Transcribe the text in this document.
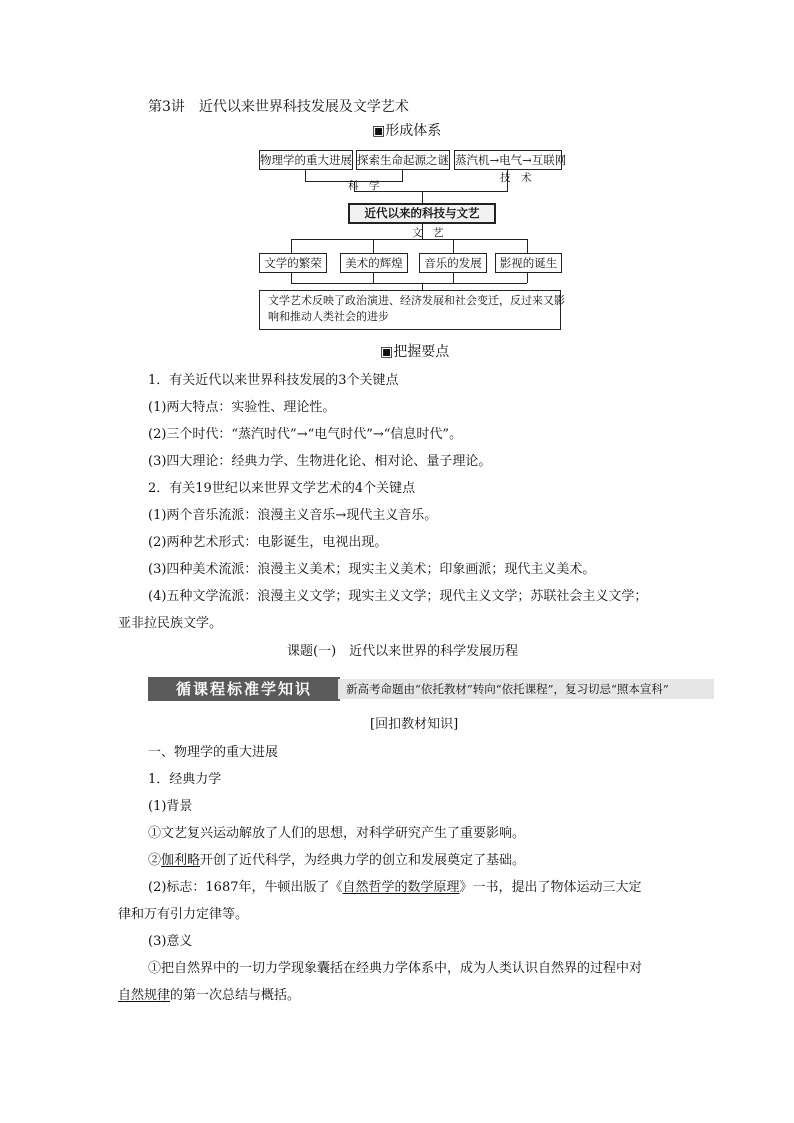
第3讲　近代以来世界科技发展及文学艺术
▣形成体系
物理学的重大进展 探索生命起源之谜 蒸汽机→电气→互联网
科　学
技　术
近代以来的科技与文艺
文　艺
文学的繁荣	美术的辉煌	音乐的发展	影视的诞生
文学艺术反映了政治演进、经济发展和社会变迁，反过来又影
响和推动人类社会的进步
▣把握要点
1．有关近代以来世界科技发展的3个关键点
(1)两大特点：实验性、理论性。
(2)三个时代：“蒸汽时代”→“电气时代”→“信息时代”。
(3)四大理论：经典力学、生物进化论、相对论、量子理论。
2．有关19世纪以来世界文学艺术的4个关键点
(1)两个音乐流派：浪漫主义音乐→现代主义音乐。
(2)两种艺术形式：电影诞生，电视出现。
(3)四种美术流派：浪漫主义美术；现实主义美术；印象画派；现代主义美术。
(4)五种文学流派：浪漫主义文学；现实主义文学；现代主义文学；苏联社会主义文学；
亚非拉民族文学。
课题(一)　近代以来世界的科学发展历程
循课程标准学知识	新高考命题由“依托教材”转向“依托课程”，复习切忌“照本宣科”
[回扣教材知识]
一、物理学的重大进展
1．经典力学
(1)背景
①文艺复兴运动解放了人们的思想，对科学研究产生了重要影响。
②伽利略开创了近代科学，为经典力学的创立和发展奠定了基础。
(2)标志：1687年，牛顿出版了《自然哲学的数学原理》一书，提出了物体运动三大定
律和万有引力定律等。
(3)意义
①把自然界中的一切力学现象囊括在经典力学体系中，成为人类认识自然界的过程中对
自然规律的第一次总结与概括。
